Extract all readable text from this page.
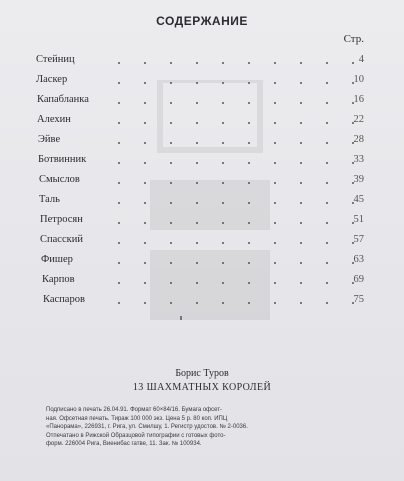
СОДЕРЖАНИЕ
Стр.
Стейниц	4
Ласкер	10
Капабланка	16
Алехин	22
Эйве	28
Ботвинник	33
Смыслов	39
Таль	45
Петросян	51
Спасский	57
Фишер	63
Карпов	69
Каспаров	75
Борис Туров
13 ШАХМАТНЫХ КОРОЛЕЙ
Подписано в печать 26.04.91. Формат 60×84/16. Бумага офсет-
ная. Офсетная печать. Тираж 100 000 экз. Цена 5 р. 80 коп. ИПЦ
«Панорама», 226931, г. Рига, ул. Смилшу, 1. Регистр удостов. № 2-0036.
Отпечатано в Рижской Образцовой типографии с готовых фото-
форм. 226004 Рига, Виенибас гатве, 11. Зак. № 100934.
